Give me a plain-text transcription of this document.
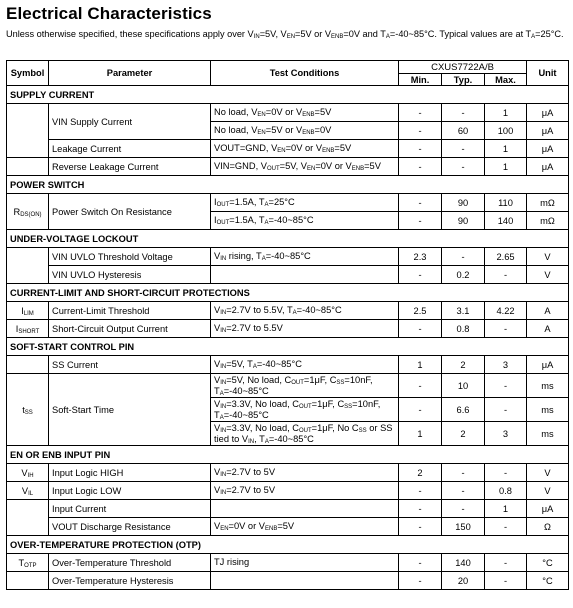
Electrical Characteristics
Unless otherwise specified, these specifications apply over $V_{IN}=5V$, $V_{EN}=5V$ or $V_{ENB}=0V$ and $T_A=-40\sim 85^\circ C$. Typical values are at $T_A=25^\circ C$.
Symbol	Parameter	Test Conditions	CXUS7722A/B			Unit
			Min.	Typ.	Max.	
SUPPLY CURRENT						
	VIN Supply Current	No load, $V_{EN}=0V$ or $V_{ENB}=5V$	-	-	1	μA
		No load, $V_{EN}=5V$ or $V_{ENB}=0V$	-	60	100	μA
	Leakage Current	VOUT=GND, $V_{EN}=0V$ or $V_{ENB}=5V$	-	-	1	μA
	Reverse Leakage Current	VIN=GND, $V_{OUT}=5V$, $V_{EN}=0V$ or $V_{ENB}=5V$	-	-	1	μA
POWER SWITCH						
$R_{DS(ON)}$	Power Switch On Resistance	$I_{OUT}=1.5A$, $T_A=25^\circ C$	-	90	110	mΩ
		$I_{OUT}=1.5A$, $T_A=-40\sim 85^\circ C$	-	90	140	mΩ
UNDER-VOLTAGE LOCKOUT						
	VIN UVLO Threshold Voltage	$V_{IN}$ rising, $T_A=-40\sim 85^\circ C$	2.3	-	2.65	V
	VIN UVLO Hysteresis		-	0.2	-	V
CURRENT-LIMIT AND SHORT-CIRCUIT PROTECTIONS						
$I_{LIM}$	Current-Limit Threshold	$V_{IN}=2.7V$ to 5.5V, $T_A=-40\sim 85^\circ C$	2.5	3.1	4.22	A
$I_{SHORT}$	Short-Circuit Output Current	$V_{IN}=2.7V$ to 5.5V	-	0.8	-	A
SOFT-START CONTROL PIN						
	SS Current	$V_{IN}=5V$, $T_A=-40\sim 85^\circ C$	1	2	3	μA
$t_{SS}$	Soft-Start Time	$V_{IN}=5V$, No load, $C_{OUT}=1\mu F$, $C_{SS}=10nF$, $T_A=-40\sim 85^\circ C$	-	10	-	ms
		$V_{IN}=3.3V$, No load, $C_{OUT}=1\mu F$, $C_{SS}=10nF$, $T_A=-40\sim 85^\circ C$	-	6.6	-	ms
		$V_{IN}=3.3V$, No load, $C_{OUT}=1\mu F$, No $C_{SS}$ or SS tied to $V_{IN}$, $T_A=-40\sim 85^\circ C$	1	2	3	ms
EN OR ENB INPUT PIN						
$V_{IH}$	Input Logic HIGH	$V_{IN}=2.7V$ to 5V	2	-	-	V
$V_{IL}$	Input Logic LOW	$V_{IN}=2.7V$ to 5V	-	-	0.8	V
	Input Current		-	-	1	μA
	VOUT Discharge Resistance	$V_{EN}=0V$ or $V_{ENB}=5V$	-	150	-	Ω
OVER-TEMPERATURE PROTECTION (OTP)						
$T_{OTP}$	Over-Temperature Threshold	TJ rising	-	140	-	°C
	Over-Temperature Hysteresis		-	20	-	°C
